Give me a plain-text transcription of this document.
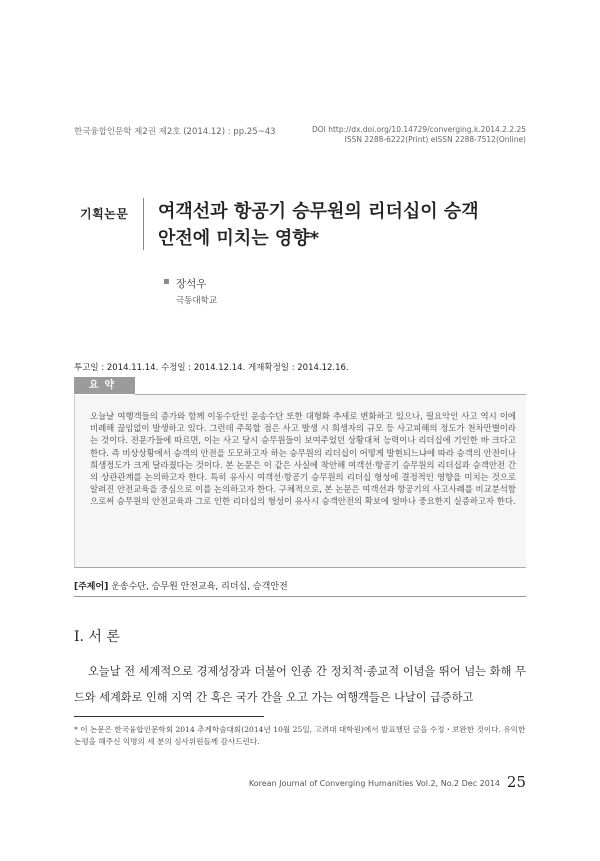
한국융합인문학 제2권 제2호 (2014.12) : pp.25~43	DOI http://dx.doi.org/10.14729/converging.k.2014.2.2.25
ISSN 2288-6222(Print) eISSN 2288-7512(Online)
기획논문 여객선과 항공기 승무원의 리더십이 승객
안전에 미치는 영향*
▪ 장석우
극동대학교
투고일 : 2014.11.14. 수정일 : 2014.12.14. 게재확정일 : 2014.12.16.
요약
오늘날 여행객들의 증가와 함께 이동수단인 운송수단 또한 대형화 추세로 변화하고 있으나, 필요악인 사고 역시 이에 비례해 끊임없이 발생하고 있다. 그런데 주목할 점은 사고 발생 시 희생자의 규모 등 사고피해의 정도가 천차만별이라는 것이다. 전문가들에 따르면, 이는 사고 당시 승무원들이 보여주었던 상황대처 능력이나 리더십에 기인한 바 크다고 한다. 즉 비상상황에서 승객의 안전을 도모하고자 하는 승무원의 리더십이 어떻게 발현되느냐에 따라 승객의 안전이나 희생정도가 크게 달라졌다는 것이다. 본 논문은 이 같은 사실에 착안해 여객선·항공기 승무원의 리더십과 승객안전 간의 상관관계를 논의하고자 한다. 특히 유사시 여객선·항공기 승무원의 리더십 형성에 결정적인 영향을 미치는 것으로 알려진 안전교육을 중심으로 이를 논의하고자 한다. 구체적으로, 본 논문은 여객선과 항공기의 사고사례를 비교분석함으로써 승무원의 안전교육과 그로 인한 리더십의 형성이 유사시 승객안전의 확보에 얼마나 중요한지 실증하고자 한다.
[주제어] 운송수단, 승무원 안전교육, 리더십, 승객안전
I. 서 론
오늘날 전 세계적으로 경제성장과 더불어 인종 간 정치적·종교적 이념을 뛰어 넘는 화해 무드와 세계화로 인해 지역 간 혹은 국가 간을 오고 가는 여행객들은 나날이 급증하고
* 이 논문은 한국융합인문학회 2014 추계학술대회(2014년 10월 25일, 고려대 대학원)에서 발표했던 글을 수정・보완한 것이다. 유익한 논평을 해주신 익명의 세 분의 심사위원들께 감사드린다.
Korean Journal of Converging Humanities Vol.2, No.2 Dec 2014 25
